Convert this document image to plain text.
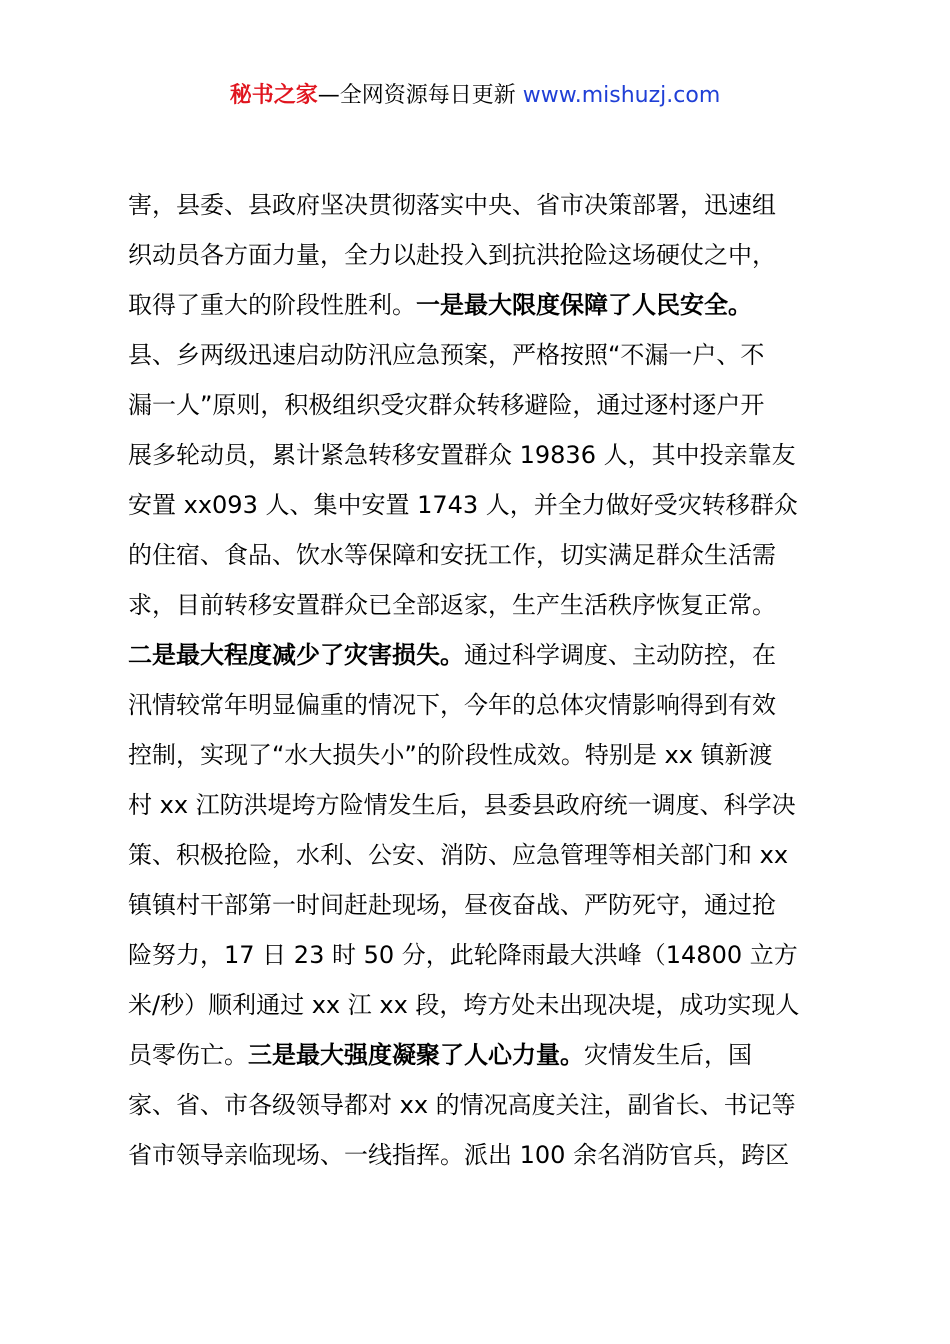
秘书之家—全网资源每日更新 www.mishuzj.com
害，县委、县政府坚决贯彻落实中央、省市决策部署，迅速组
织动员各方面力量，全力以赴投入到抗洪抢险这场硬仗之中，
取得了重大的阶段性胜利。一是最大限度保障了人民安全。
县、乡两级迅速启动防汛应急预案，严格按照“不漏一户、不
漏一人”原则，积极组织受灾群众转移避险，通过逐村逐户开
展多轮动员，累计紧急转移安置群众 19836 人，其中投亲靠友
安置 xx093 人、集中安置 1743 人，并全力做好受灾转移群众
的住宿、食品、饮水等保障和安抚工作，切实满足群众生活需
求，目前转移安置群众已全部返家，生产生活秩序恢复正常。
二是最大程度减少了灾害损失。通过科学调度、主动防控，在
汛情较常年明显偏重的情况下，今年的总体灾情影响得到有效
控制，实现了“水大损失小”的阶段性成效。特别是 xx 镇新渡
村 xx 江防洪堤垮方险情发生后，县委县政府统一调度、科学决
策、积极抢险，水利、公安、消防、应急管理等相关部门和 xx
镇镇村干部第一时间赶赴现场，昼夜奋战、严防死守，通过抢
险努力，17 日 23 时 50 分，此轮降雨最大洪峰（14800 立方
米/秒）顺利通过 xx 江 xx 段，垮方处未出现决堤，成功实现人
员零伤亡。三是最大强度凝聚了人心力量。灾情发生后，国
家、省、市各级领导都对 xx 的情况高度关注，副省长、书记等
省市领导亲临现场、一线指挥。派出 100 余名消防官兵，跨区
